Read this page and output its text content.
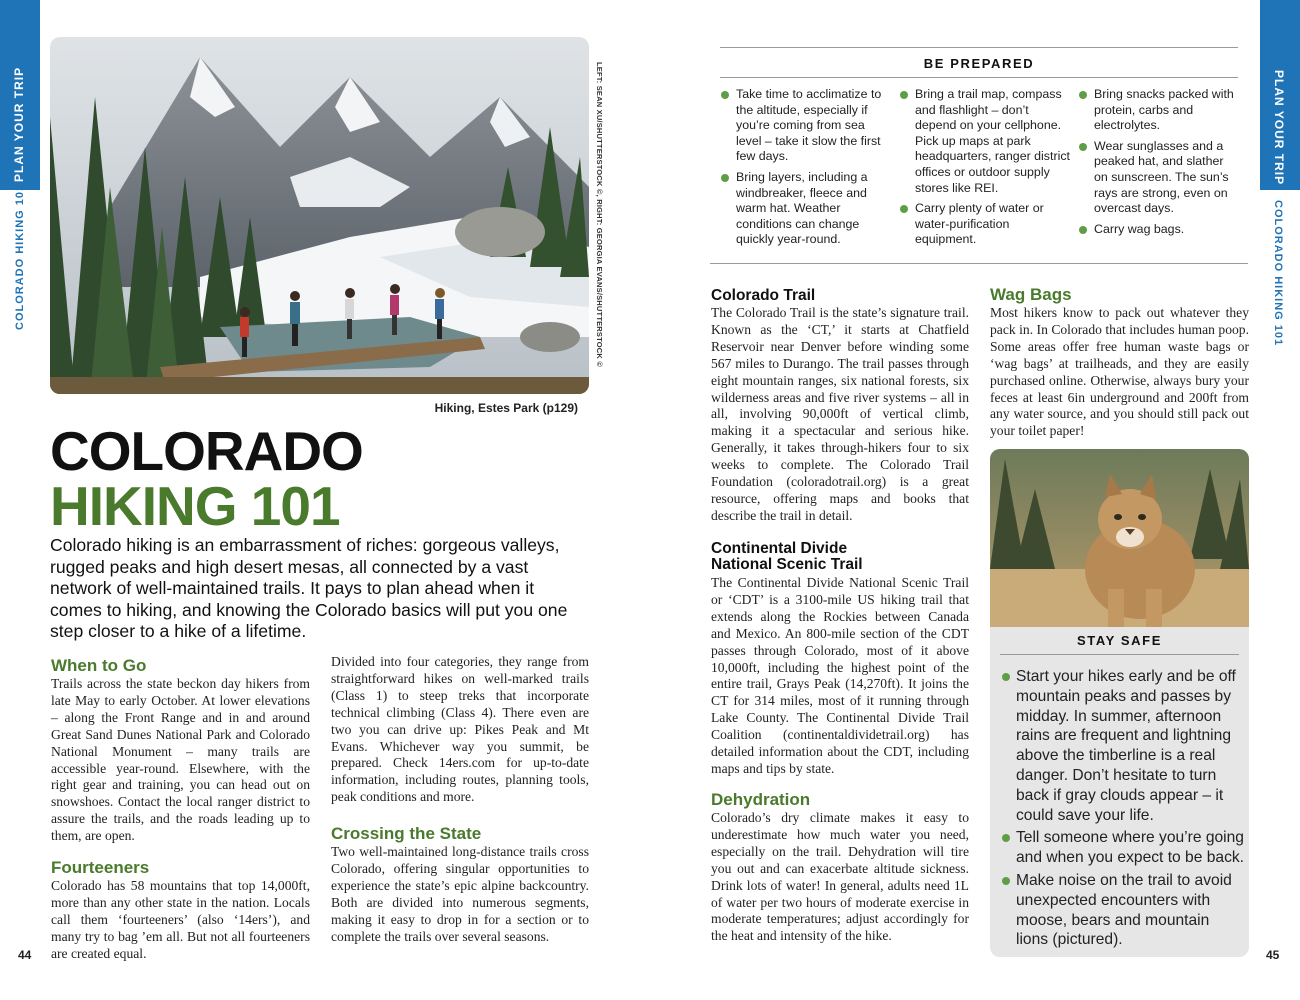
PLAN YOUR TRIP
COLORADO HIKING 101
44
LEFT: SEAN XU/SHUTTERSTOCK ©, RIGHT: GEORGIA EVANS/SHUTTERSTOCK ©
Hiking, Estes Park (p129)
COLORADO
HIKING 101
Colorado hiking is an embarrassment of riches: gorgeous valleys, rugged peaks and high desert mesas, all connected by a vast network of well-maintained trails. It pays to plan ahead when it comes to hiking, and knowing the Colorado basics will put you one step closer to a hike of a lifetime.
When to Go
Trails across the state beckon day hikers from late May to early October. At lower elevations – along the Front Range and in and around Great Sand Dunes National Park and Colorado National Monument – many trails are accessible year-round. Elsewhere, with the right gear and training, you can head out on snowshoes. Contact the local ranger district to assure the trails, and the roads leading up to them, are open.
Fourteeners
Colorado has 58 mountains that top 14,000ft, more than any other state in the nation. Locals call them ‘fourteeners’ (also ‘14ers’), and many try to bag ’em all. But not all fourteeners are created equal.
Divided into four categories, they range from straightforward hikes on well-marked trails (Class 1) to steep treks that incorporate technical climbing (Class 4). There even are two you can drive up: Pikes Peak and Mt Evans. Whichever way you summit, be prepared. Check 14ers.com for up-to-date information, including routes, planning tools, peak conditions and more.
Crossing the State
Two well-maintained long-distance trails cross Colorado, offering singular opportunities to experience the state’s epic alpine backcountry. Both are divided into numerous segments, making it easy to drop in for a section or to complete the trails over several seasons.
PLAN YOUR TRIP
COLORADO HIKING 101
45
BE PREPARED
Take time to acclimatize to the altitude, especially if you’re coming from sea level – take it slow the first few days.
Bring layers, including a windbreaker, fleece and warm hat. Weather conditions can change quickly year-round.
Bring a trail map, compass and flashlight – don’t depend on your cellphone. Pick up maps at park headquarters, ranger district offices or outdoor supply stores like REI.
Carry plenty of water or water-purification equipment.
Bring snacks packed with protein, carbs and electrolytes.
Wear sunglasses and a peaked hat, and slather on sunscreen. The sun’s rays are strong, even on overcast days.
Carry wag bags.
Colorado Trail
The Colorado Trail is the state’s signature trail. Known as the ‘CT,’ it starts at Chatfield Reservoir near Denver before winding some 567 miles to Durango. The trail passes through eight mountain ranges, six national forests, six wilderness areas and five river systems – all in all, involving 90,000ft of vertical climb, making it a spectacular and serious hike. Generally, it takes through-hikers four to six weeks to complete. The Colorado Trail Foundation (coloradotrail.org) is a great resource, offering maps and books that describe the trail in detail.
Continental Divide
National Scenic Trail
The Continental Divide National Scenic Trail or ‘CDT’ is a 3100-mile US hiking trail that extends along the Rockies between Canada and Mexico. An 800-mile section of the CDT passes through Colorado, most of it above 10,000ft, including the highest point of the entire trail, Grays Peak (14,270ft). It joins the CT for 314 miles, most of it running through Lake County. The Continental Divide Trail Coalition (continentaldividetrail.org) has detailed information about the CDT, including maps and tips by state.
Dehydration
Colorado’s dry climate makes it easy to underestimate how much water you need, especially on the trail. Dehydration will tire you out and can exacerbate altitude sickness. Drink lots of water! In general, adults need 1L of water per two hours of moderate exercise in moderate temperatures; adjust accordingly for the heat and intensity of the hike.
Wag Bags
Most hikers know to pack out whatever they pack in. In Colorado that includes human poop. Some areas offer free human waste bags or ‘wag bags’ at trailheads, and they are easily purchased online. Otherwise, always bury your feces at least 6in underground and 200ft from any water source, and you should still pack out your toilet paper!
STAY SAFE
Start your hikes early and be off mountain peaks and passes by midday. In summer, afternoon rains are frequent and lightning above the timberline is a real danger. Don’t hesitate to turn back if gray clouds appear – it could save your life.
Tell someone where you’re going and when you expect to be back.
Make noise on the trail to avoid unexpected encounters with moose, bears and mountain lions (pictured).
